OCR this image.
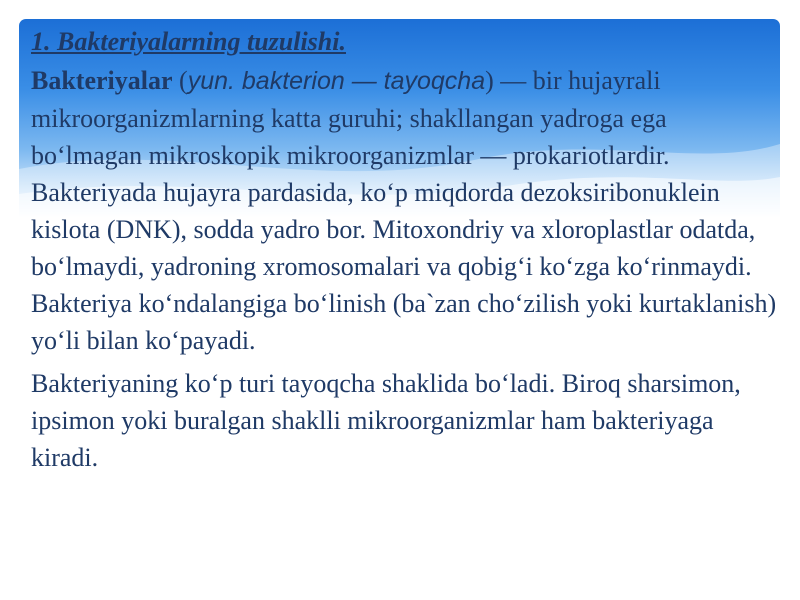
1. Bakteriyalarning tuzulishi.

Bakteriyalar (yun. bakterion — tayoqcha) — bir hujayrali mikroorganizmlarning katta guruhi; shakllangan yadroga ega bo‘lmagan mikroskopik mikroorganizmlar — prokariotlardir. Bakteriyada hujayra pardasida, ko‘p miqdorda dezoksiribonuklein kislota (DNK), sodda yadro bor. Mitoxondriy va xloroplastlar odatda, bo‘lmaydi, yadroning xromosomalari va qobig‘i ko‘zga ko‘rinmaydi. Bakteriya ko‘ndalangiga bo‘linish (ba`zan cho‘zilish yoki kurtaklanish) yo‘li bilan ko‘payadi.

Bakteriyaning ko‘p turi tayoqcha shaklida bo‘ladi. Biroq sharsimon, ipsimon yoki buralgan shaklli mikroorganizmlar ham bakteriyaga kiradi.
